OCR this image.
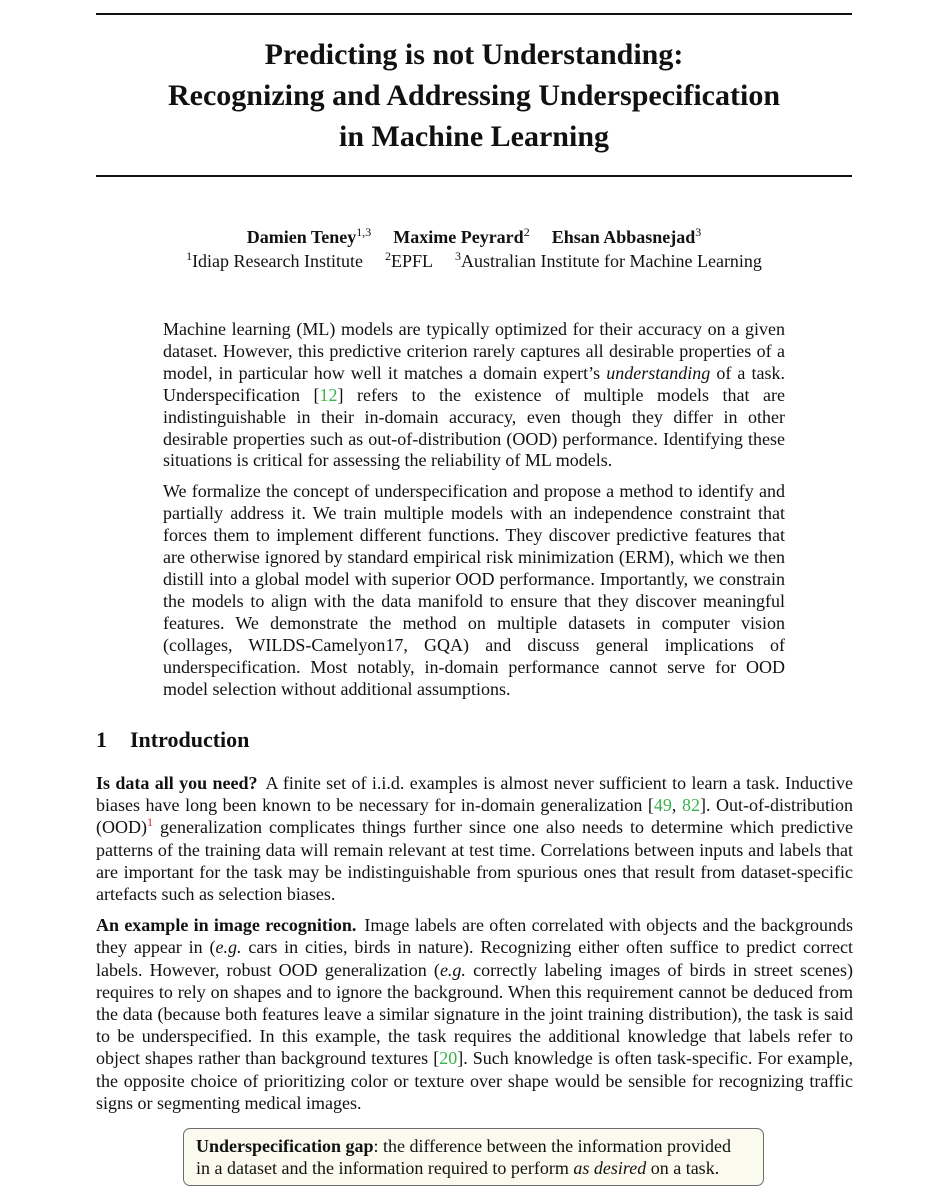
Predicting is not Understanding:
Recognizing and Addressing Underspecification
in Machine Learning
Damien Teney$^{1,3}$ Maxime Peyrard$^2$ Ehsan Abbasnejad$^3$
$^1$Idiap Research Institute $^2$EPFL $^3$Australian Institute for Machine Learning

Machine learning (ML) models are typically optimized for their accuracy on a given dataset. However, this predictive criterion rarely captures all desirable properties of a model, in particular how well it matches a domain expert’s understanding of a task. Underspecification [12] refers to the existence of multiple models that are indistinguishable in their in-domain accuracy, even though they differ in other desirable properties such as out-of-distribution (OOD) performance. Identifying these situations is critical for assessing the reliability of ML models.

We formalize the concept of underspecification and propose a method to identify and partially address it. We train multiple models with an independence constraint that forces them to implement different functions. They discover predictive features that are otherwise ignored by standard empirical risk minimization (ERM), which we then distill into a global model with superior OOD performance. Importantly, we constrain the models to align with the data manifold to ensure that they discover meaningful features. We demonstrate the method on multiple datasets in computer vision (collages, WILDS-Camelyon17, GQA) and discuss general implications of underspecification. Most notably, in-domain performance cannot serve for OOD model selection without additional assumptions.

1 Introduction

Is data all you need? A finite set of i.i.d. examples is almost never sufficient to learn a task. Inductive biases have long been known to be necessary for in-domain generalization [49, 82]. Out-of-distribution (OOD)$^1$ generalization complicates things further since one also needs to determine which predictive patterns of the training data will remain relevant at test time. Correlations between inputs and labels that are important for the task may be indistinguishable from spurious ones that result from dataset-specific artefacts such as selection biases.

An example in image recognition. Image labels are often correlated with objects and the backgrounds they appear in (e.g. cars in cities, birds in nature). Recognizing either often suffice to predict correct labels. However, robust OOD generalization (e.g. correctly labeling images of birds in street scenes) requires to rely on shapes and to ignore the background. When this requirement cannot be deduced from the data (because both features leave a similar signature in the joint training distribution), the task is said to be underspecified. In this example, the task requires the additional knowledge that labels refer to object shapes rather than background textures [20]. Such knowledge is often task-specific. For example, the opposite choice of prioritizing color or texture over shape would be sensible for recognizing traffic signs or segmenting medical images.

Underspecification gap: the difference between the information provided
in a dataset and the information required to perform as desired on a task.
